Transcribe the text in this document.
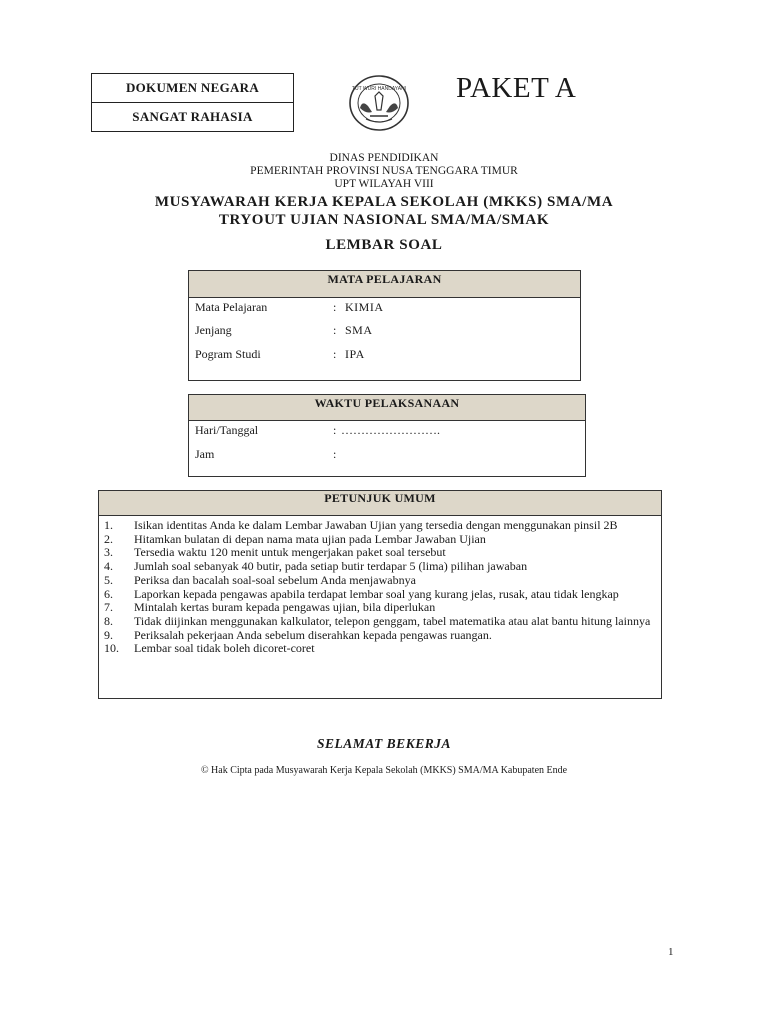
DOKUMEN NEGARA
SANGAT RAHASIA
TUT WURI HANDAYANI PAKET A
DINAS PENDIDIKAN
PEMERINTAH PROVINSI NUSA TENGGARA TIMUR
UPT WILAYAH VIII
MUSYAWARAH KERJA KEPALA SEKOLAH (MKKS) SMA/MA
TRYOUT UJIAN NASIONAL SMA/MA/SMAK
LEMBAR SOAL
MATA PELAJARAN
Mata Pelajaran	: KIMIA
Jenjang	: SMA
Pogram Studi	: IPA
WAKTU PELAKSANAAN
Hari/Tanggal	: …………………….
Jam	:
PETUNJUK UMUM
1. Isikan identitas Anda ke dalam Lembar Jawaban Ujian yang tersedia dengan menggunakan pinsil 2B
2. Hitamkan bulatan di depan nama mata ujian pada Lembar Jawaban Ujian
3. Tersedia waktu 120 menit untuk mengerjakan paket soal tersebut
4. Jumlah soal sebanyak 40 butir, pada setiap butir terdapar 5 (lima) pilihan jawaban
5. Periksa dan bacalah soal-soal sebelum Anda menjawabnya
6. Laporkan kepada pengawas apabila terdapat lembar soal yang kurang jelas, rusak, atau tidak lengkap
7. Mintalah kertas buram kepada pengawas ujian, bila diperlukan
8. Tidak diijinkan menggunakan kalkulator, telepon genggam, tabel matematika atau alat bantu hitung lainnya
9. Periksalah pekerjaan Anda sebelum diserahkan kepada pengawas ruangan.
10. Lembar soal tidak boleh dicoret-coret
SELAMAT BEKERJA
© Hak Cipta pada Musyawarah Kerja Kepala Sekolah (MKKS) SMA/MA Kabupaten Ende
1
